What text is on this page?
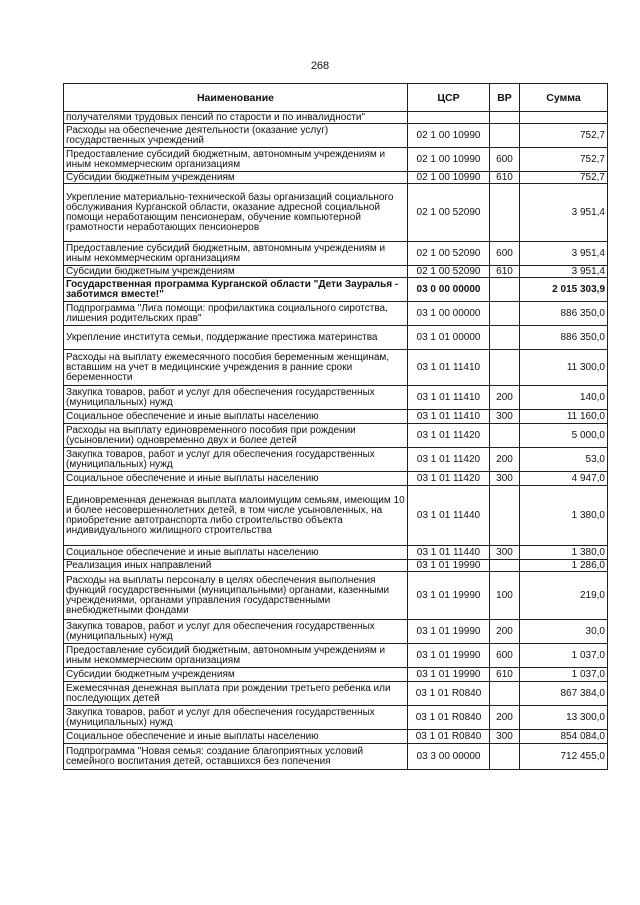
268
Наименование	ЦСР	ВР	Сумма
получателями трудовых пенсий по старости и по инвалидности"			
Расходы на обеспечение деятельности (оказание услуг) государственных учреждений	02 1 00 10990		752,7
Предоставление субсидий бюджетным, автономным учреждениям и иным некоммерческим организациям	02 1 00 10990	600	752,7
Субсидии бюджетным учреждениям	02 1 00 10990	610	752,7
Укрепление материально-технической базы организаций социального обслуживания Курганской области, оказание адресной социальной помощи неработающим пенсионерам, обучение компьютерной грамотности неработающих пенсионеров	02 1 00 52090		3 951,4
Предоставление субсидий бюджетным, автономным учреждениям и иным некоммерческим организациям	02 1 00 52090	600	3 951,4
Субсидии бюджетным учреждениям	02 1 00 52090	610	3 951,4
Государственная программа Курганской области "Дети Зауралья - заботимся вместе!"	03 0 00 00000		2 015 303,9
Подпрограмма "Лига помощи: профилактика социального сиротства, лишения родительских прав"	03 1 00 00000		886 350,0
Укрепление института семьи, поддержание престижа материнства	03 1 01 00000		886 350,0
Расходы на выплату ежемесячного пособия беременным женщинам, вставшим на учет в медицинские учреждения в ранние сроки беременности	03 1 01 11410		11 300,0
Закупка товаров, работ и услуг для обеспечения государственных (муниципальных) нужд	03 1 01 11410	200	140,0
Социальное обеспечение и иные выплаты населению	03 1 01 11410	300	11 160,0
Расходы на выплату единовременного пособия при рождении (усыновлении) одновременно двух и более детей	03 1 01 11420		5 000,0
Закупка товаров, работ и услуг для обеспечения государственных (муниципальных) нужд	03 1 01 11420	200	53,0
Социальное обеспечение и иные выплаты населению	03 1 01 11420	300	4 947,0
Единовременная денежная выплата малоимущим семьям, имеющим 10 и более несовершеннолетних детей, в том числе усыновленных, на приобретение автотранспорта либо строительство объекта индивидуального жилищного строительства	03 1 01 11440		1 380,0
Социальное обеспечение и иные выплаты населению	03 1 01 11440	300	1 380,0
Реализация иных направлений	03 1 01 19990		1 286,0
Расходы на выплаты персоналу в целях обеспечения выполнения функций государственными (муниципальными) органами, казенными учреждениями, органами управления государственными внебюджетными фондами	03 1 01 19990	100	219,0
Закупка товаров, работ и услуг для обеспечения государственных (муниципальных) нужд	03 1 01 19990	200	30,0
Предоставление субсидий бюджетным, автономным учреждениям и иным некоммерческим организациям	03 1 01 19990	600	1 037,0
Субсидии бюджетным учреждениям	03 1 01 19990	610	1 037,0
Ежемесячная денежная выплата при рождении третьего ребенка или последующих детей	03 1 01 R0840		867 384,0
Закупка товаров, работ и услуг для обеспечения государственных (муниципальных) нужд	03 1 01 R0840	200	13 300,0
Социальное обеспечение и иные выплаты населению	03 1 01 R0840	300	854 084,0
Подпрограмма "Новая семья: создание благоприятных условий семейного воспитания детей, оставшихся без попечения	03 3 00 00000		712 455,0
